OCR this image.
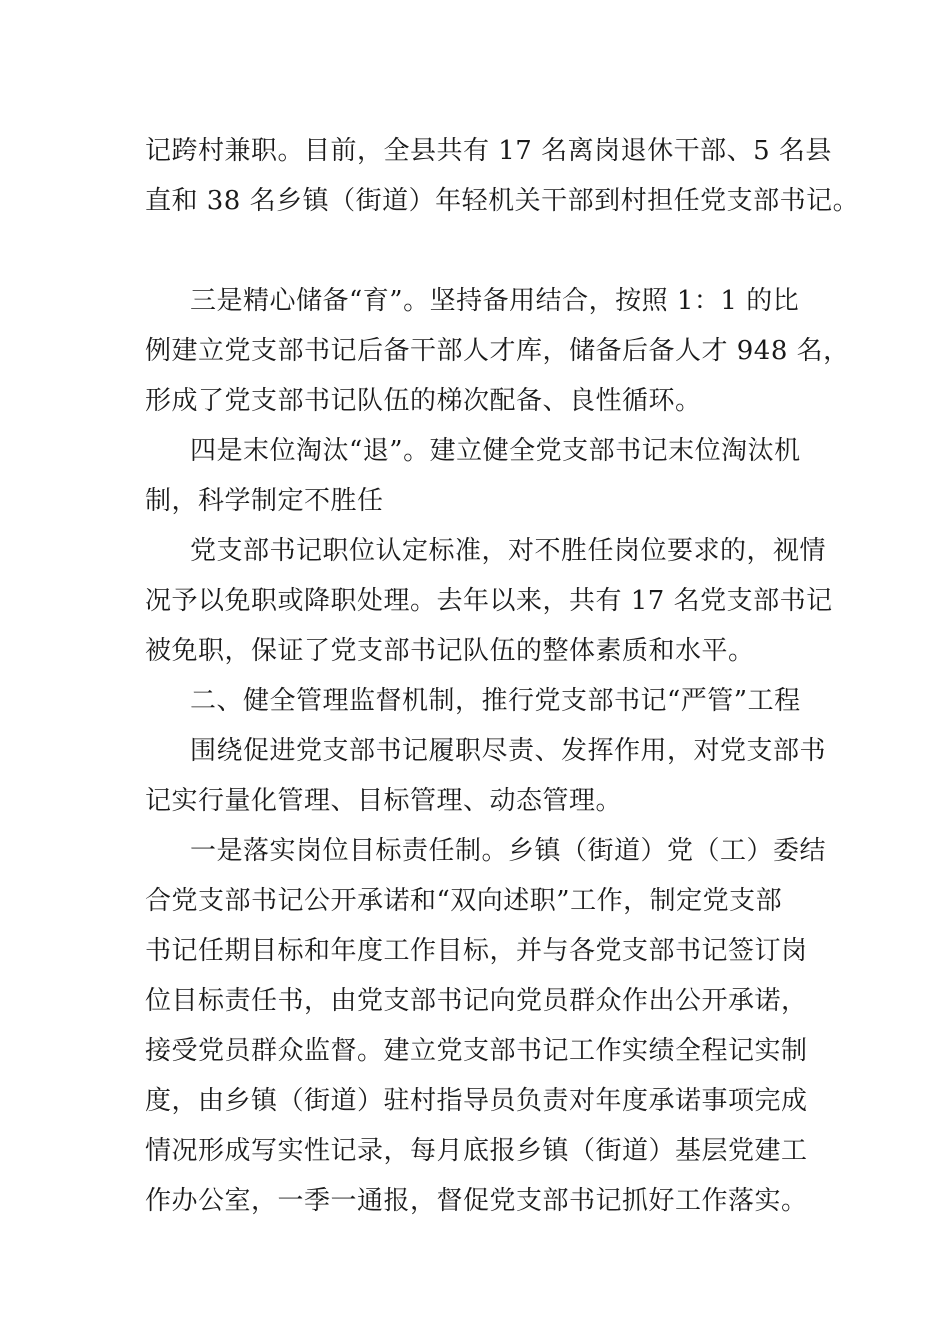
记跨村兼职。目前，全县共有 17 名离岗退休干部、5 名县
直和 38 名乡镇（街道）年轻机关干部到村担任党支部书记。
三是精心储备“育”。坚持备用结合，按照 1：1 的比
例建立党支部书记后备干部人才库，储备后备人才 948 名，
形成了党支部书记队伍的梯次配备、良性循环。
四是末位淘汰“退”。建立健全党支部书记末位淘汰机
制，科学制定不胜任
党支部书记职位认定标准，对不胜任岗位要求的，视情
况予以免职或降职处理。去年以来，共有 17 名党支部书记
被免职，保证了党支部书记队伍的整体素质和水平。
二、健全管理监督机制，推行党支部书记“严管”工程
围绕促进党支部书记履职尽责、发挥作用，对党支部书
记实行量化管理、目标管理、动态管理。
一是落实岗位目标责任制。乡镇（街道）党（工）委结
合党支部书记公开承诺和“双向述职”工作，制定党支部
书记任期目标和年度工作目标，并与各党支部书记签订岗
位目标责任书，由党支部书记向党员群众作出公开承诺，
接受党员群众监督。建立党支部书记工作实绩全程记实制
度，由乡镇（街道）驻村指导员负责对年度承诺事项完成
情况形成写实性记录，每月底报乡镇（街道）基层党建工
作办公室，一季一通报，督促党支部书记抓好工作落实。
